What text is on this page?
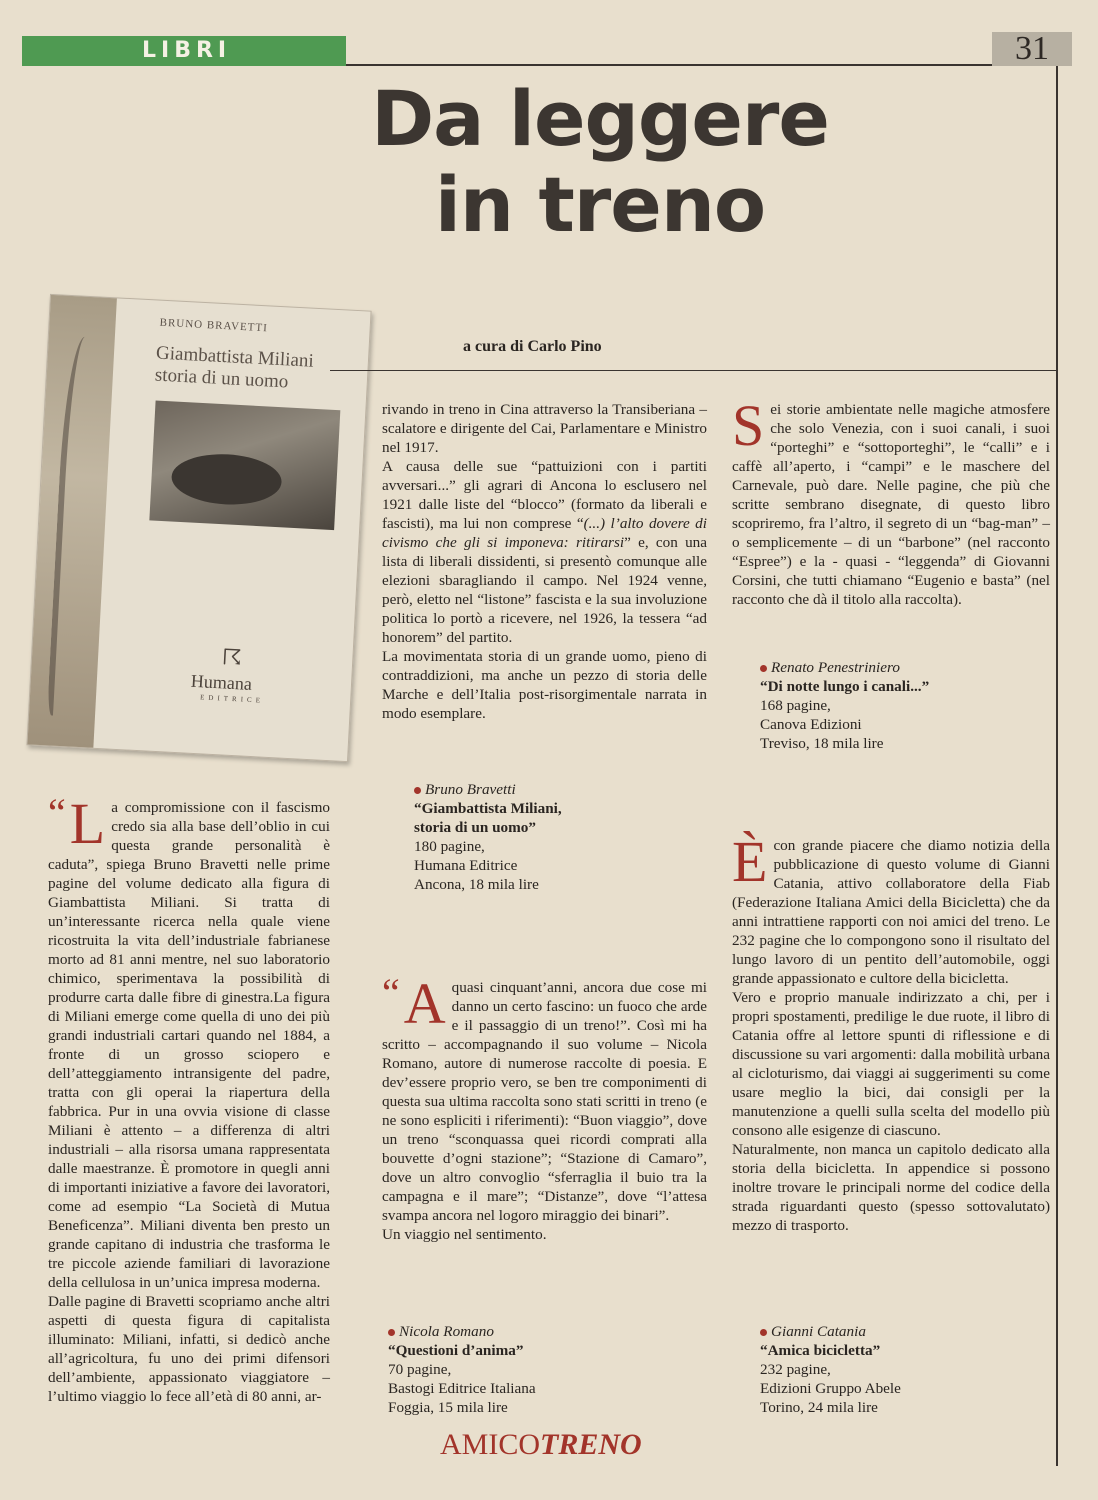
LIBRI	31
Da leggere
in treno
BRUNO BRAVETTI
Giambattista Miliani
storia di un uomo
☈
Humana
EDITRICE
a cura di Carlo Pino

“ L a compromissione con il fascismo credo sia alla base dell’oblio in cui questa grande personalità è caduta”, spiega Bruno Bravetti nelle prime pagine del volume dedicato alla figura di Giambattista Miliani. Si tratta di un’interessante ricerca nella quale viene ricostruita la vita dell’industriale fabrianese morto ad 81 anni mentre, nel suo laboratorio chimico, sperimentava la possibilità di produrre carta dalle fibre di ginestra.La figura di Miliani emerge come quella di uno dei più grandi industriali cartari quando nel 1884, a fronte di un grosso sciopero e dell’atteggiamento intransigente del padre, tratta con gli operai la riapertura della fabbrica. Pur in una ovvia visione di classe Miliani è attento – a differenza di altri industriali – alla risorsa umana rappresentata dalle maestranze. È promotore in quegli anni di importanti iniziative a favore dei lavoratori, come ad esempio “La Società di Mutua Beneficenza”. Miliani diventa ben presto un grande capitano di industria che trasforma le tre piccole aziende familiari di lavorazione della cellulosa in un’unica impresa moderna.

Dalle pagine di Bravetti scopriamo anche altri aspetti di questa figura di capitalista illuminato: Miliani, infatti, si dedicò anche all’agricoltura, fu uno dei primi difensori dell’ambiente, appassionato viaggiatore – l’ultimo viaggio lo fece all’età di 80 anni, ar-

rivando in treno in Cina attraverso la Transiberiana – scalatore e dirigente del Cai, Parlamentare e Ministro nel 1917.

A causa delle sue “pattuizioni con i partiti avversari...” gli agrari di Ancona lo esclusero nel 1921 dalle liste del “blocco” (formato da liberali e fascisti), ma lui non comprese “(...) l’alto dovere di civismo che gli si imponeva: ritirarsi” e, con una lista di liberali dissidenti, si presentò comunque alle elezioni sbaragliando il campo. Nel 1924 venne, però, eletto nel “listone” fascista e la sua involuzione politica lo portò a ricevere, nel 1926, la tessera “ad honorem” del partito.

La movimentata storia di un grande uomo, pieno di contraddizioni, ma anche un pezzo di storia delle Marche e dell’Italia post-risorgimentale narrata in modo esemplare.

Bruno Bravetti
“Giambattista Miliani,
storia di un uomo”
180 pagine,
Humana Editrice
Ancona, 18 mila lire

“ A quasi cinquant’anni, ancora due cose mi danno un certo fascino: un fuoco che arde e il passaggio di un treno!”. Così mi ha scritto – accompagnando il suo volume – Nicola Romano, autore di numerose raccolte di poesia. E dev’essere proprio vero, se ben tre componimenti di questa sua ultima raccolta sono stati scritti in treno (e ne sono espliciti i riferimenti): “Buon viaggio”, dove un treno “sconquassa quei ricordi comprati alla bouvette d’ogni stazione”; “Stazione di Camaro”, dove un altro convoglio “sferraglia il buio tra la campagna e il mare”; “Distanze”, dove “l’attesa svampa ancora nel logoro miraggio dei binari”.

Un viaggio nel sentimento.

Nicola Romano
“Questioni d’anima”
70 pagine,
Bastogi Editrice Italiana
Foggia, 15 mila lire

Sei storie ambientate nelle magiche atmosfere che solo Venezia, con i suoi canali, i suoi “porteghi” e “sottoporteghi”, le “calli” e i caffè all’aperto, i “campi” e le maschere del Carnevale, può dare. Nelle pagine, che più che scritte sembrano disegnate, di questo libro scopriremo, fra l’altro, il segreto di un “bag-man” – o semplicemente – di un “barbone” (nel racconto “Espree”) e la - quasi - “leggenda” di Giovanni Corsini, che tutti chiamano “Eugenio e basta” (nel racconto che dà il titolo alla raccolta).

Renato Penestriniero
“Di notte lungo i canali...”
168 pagine,
Canova Edizioni
Treviso, 18 mila lire

Ècon grande piacere che diamo notizia della pubblicazione di questo volume di Gianni Catania, attivo collaboratore della Fiab (Federazione Italiana Amici della Bicicletta) che da anni intrattiene rapporti con noi amici del treno. Le 232 pagine che lo compongono sono il risultato del lungo lavoro di un pentito dell’automobile, oggi grande appassionato e cultore della bicicletta.

Vero e proprio manuale indirizzato a chi, per i propri spostamenti, predilige le due ruote, il libro di Catania offre al lettore spunti di riflessione e di discussione su vari argomenti: dalla mobilità urbana al cicloturismo, dai viaggi ai suggerimenti su come usare meglio la bici, dai consigli per la manutenzione a quelli sulla scelta del modello più consono alle esigenze di ciascuno.

Naturalmente, non manca un capitolo dedicato alla storia della bicicletta. In appendice si possono inoltre trovare le principali norme del codice della strada riguardanti questo (spesso sottovalutato) mezzo di trasporto.

Gianni Catania
“Amica bicicletta”
232 pagine,
Edizioni Gruppo Abele
Torino, 24 mila lire
AMICOTRENO
